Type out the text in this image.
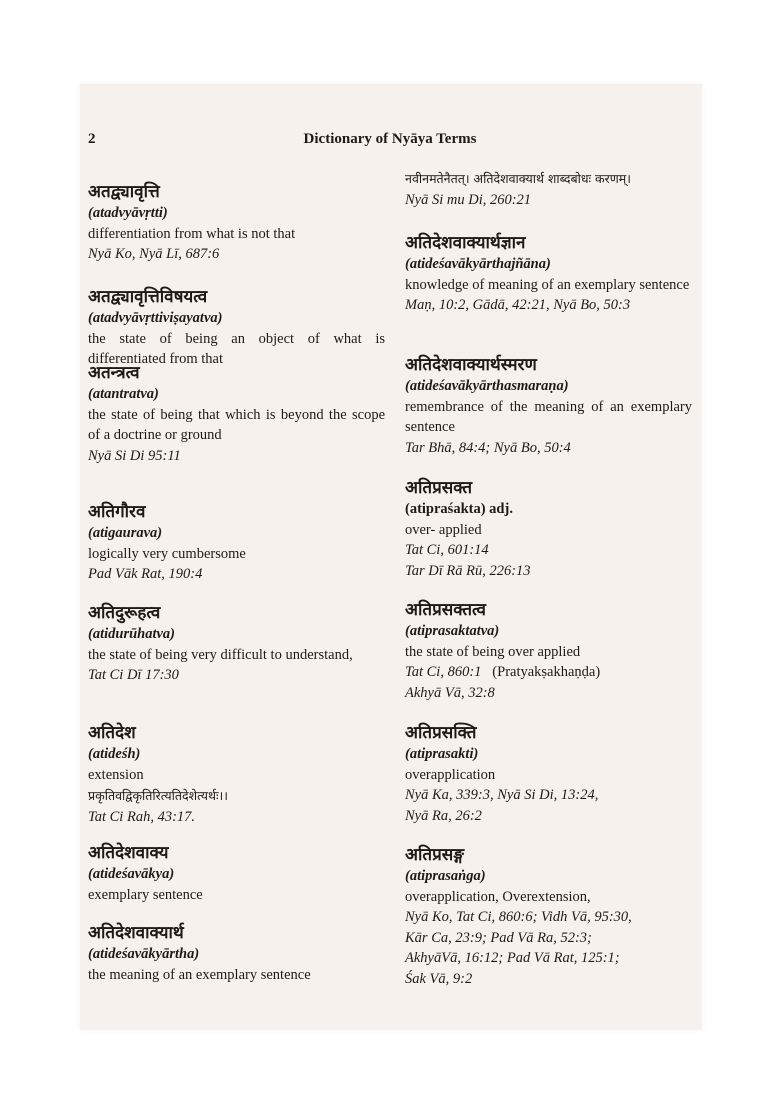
2	Dictionary of Nyāya Terms
अतद्व्यावृत्ति
(atadvyāvṛtti)
differentiation from what is not that
Nyā Ko, Nyā Lī, 687:6
अतद्व्यावृत्तिविषयत्व
(atadvyāvṛttiviṣayatva)
the state of being an object of what is differentiated from that
अतन्त्रत्व
(atantratva)
the state of being that which is beyond the scope of a doctrine or ground
Nyā Si Di 95:11
अतिगौरव
(atigaurava)
logically very cumbersome
Pad Vāk Rat, 190:4
अतिदुरूहत्व
(atidurūhatva)
the state of being very difficult to understand,
Tat Ci Dī 17:30
अतिदेश
(atideśh)
extension
प्रकृतिवद्विकृतिरित्यतिदेशेत्यर्थः।।
Tat Ci Rah, 43:17.
अतिदेशवाक्य
(atideśavākya)
exemplary sentence
अतिदेशवाक्यार्थ
(atideśavākyārtha)
the meaning of an exemplary sentence
नवीनमतेनैतत्। अतिदेशवाक्यार्थ शाब्दबोधः करणम्।
Nyā Si mu Di, 260:21
अतिदेशवाक्यार्थज्ञान
(atideśavākyārthajñāna)
knowledge of meaning of an exemplary sentence
Maṇ, 10:2, Gādā, 42:21, Nyā Bo, 50:3
अतिदेशवाक्यार्थस्मरण
(atideśavākyārthasmaraṇa)
remembrance of the meaning of an exemplary sentence
Tar Bhā, 84:4; Nyā Bo, 50:4
अतिप्रसक्त
(atipraśakta) adj.
over- applied
Tat Ci, 601:14
Tar Dī Rā Rū, 226:13
अतिप्रसक्तत्व
(atiprasaktatva)
the state of being over applied
Tat Ci, 860:1 (Pratyakṣakhaṇḍa)
Akhyā Vā, 32:8
अतिप्रसक्ति
(atiprasakti)
overapplication
Nyā Ka, 339:3, Nyā Si Di, 13:24,
Nyā Ra, 26:2
अतिप्रसङ्ग
(atiprasaṅga)
overapplication, Overextension,
Nyā Ko, Tat Ci, 860:6; Vidh Vā, 95:30,
Kār Ca, 23:9; Pad Vā Ra, 52:3;
AkhyāVā, 16:12; Pad Vā Rat, 125:1;
Śak Vā, 9:2
